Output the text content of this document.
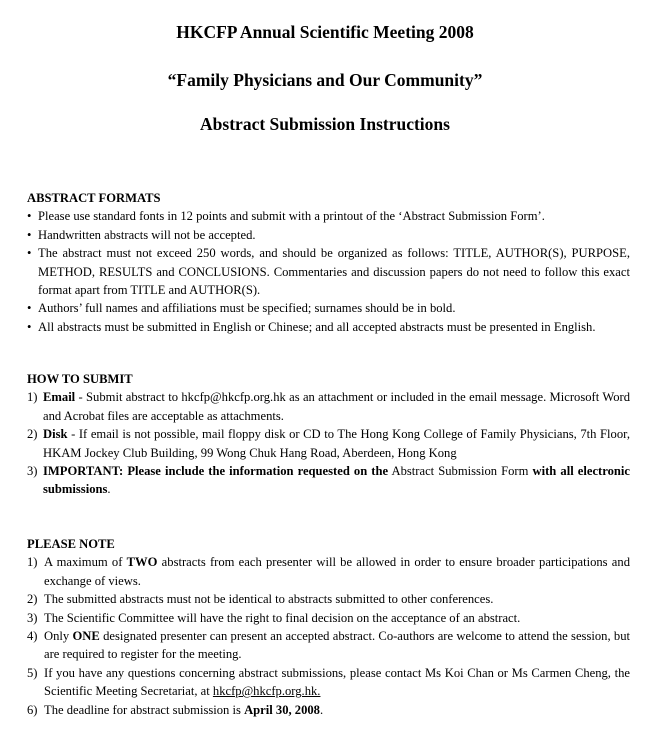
HKCFP Annual Scientific Meeting 2008
“Family Physicians and Our Community”
Abstract Submission Instructions
ABSTRACT FORMATS
• Please use standard fonts in 12 points and submit with a printout of the ‘Abstract Submission Form’.
• Handwritten abstracts will not be accepted.
• The abstract must not exceed 250 words, and should be organized as follows: TITLE, AUTHOR(S), PURPOSE, METHOD, RESULTS and CONCLUSIONS. Commentaries and discussion papers do not need to follow this exact format apart from TITLE and AUTHOR(S).
• Authors’ full names and affiliations must be specified; surnames should be in bold.
• All abstracts must be submitted in English or Chinese; and all accepted abstracts must be presented in English.
HOW TO SUBMIT
1) Email - Submit abstract to hkcfp@hkcfp.org.hk as an attachment or included in the email message. Microsoft Word and Acrobat files are acceptable as attachments.
2) Disk - If email is not possible, mail floppy disk or CD to The Hong Kong College of Family Physicians, 7th Floor, HKAM Jockey Club Building, 99 Wong Chuk Hang Road, Aberdeen, Hong Kong
3) IMPORTANT: Please include the information requested on the Abstract Submission Form with all electronic submissions.
PLEASE NOTE
1) A maximum of TWO abstracts from each presenter will be allowed in order to ensure broader participations and exchange of views.
2) The submitted abstracts must not be identical to abstracts submitted to other conferences.
3) The Scientific Committee will have the right to final decision on the acceptance of an abstract.
4) Only ONE designated presenter can present an accepted abstract. Co-authors are welcome to attend the session, but are required to register for the meeting.
5) If you have any questions concerning abstract submissions, please contact Ms Koi Chan or Ms Carmen Cheng, the Scientific Meeting Secretariat, at hkcfp@hkcfp.org.hk.
6) The deadline for abstract submission is April 30, 2008.
